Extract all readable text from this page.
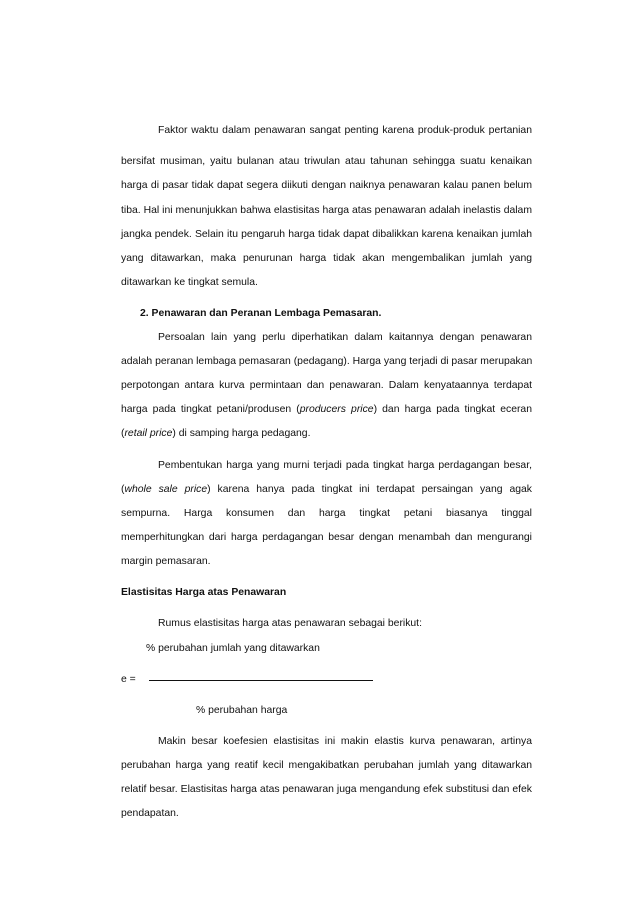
Faktor waktu dalam penawaran sangat penting karena produk-produk pertanian
bersifat musiman, yaitu bulanan atau triwulan atau tahunan sehingga suatu kenaikan
harga di pasar tidak dapat segera diikuti dengan naiknya penawaran kalau panen belum
tiba. Hal ini menunjukkan bahwa elastisitas harga atas penawaran adalah inelastis dalam
jangka pendek. Selain itu pengaruh harga tidak dapat dibalikkan karena kenaikan jumlah
yang ditawarkan, maka penurunan harga tidak akan mengembalikan jumlah yang
ditawarkan ke tingkat semula.
2. Penawaran dan Peranan Lembaga Pemasaran.
Persoalan lain yang perlu diperhatikan dalam kaitannya dengan penawaran
adalah peranan lembaga pemasaran (pedagang). Harga yang terjadi di pasar merupakan
perpotongan antara kurva permintaan dan penawaran. Dalam kenyataannya terdapat
harga pada tingkat petani/produsen (producers price) dan harga pada tingkat eceran
(retail price) di samping harga pedagang.
Pembentukan harga yang murni terjadi pada tingkat harga perdagangan besar,
(whole sale price) karena hanya pada tingkat ini terdapat persaingan yang agak
sempurna. Harga konsumen dan harga tingkat petani biasanya tinggal
memperhitungkan dari harga perdagangan besar dengan menambah dan mengurangi
margin pemasaran.
Elastisitas Harga atas Penawaran
Rumus elastisitas harga atas penawaran sebagai berikut:
% perubahan jumlah yang ditawarkan
e =
% perubahan harga
Makin besar koefesien elastisitas ini makin elastis kurva penawaran, artinya
perubahan harga yang reatif kecil mengakibatkan perubahan jumlah yang ditawarkan
relatif besar. Elastisitas harga atas penawaran juga mengandung efek substitusi dan efek
pendapatan.
